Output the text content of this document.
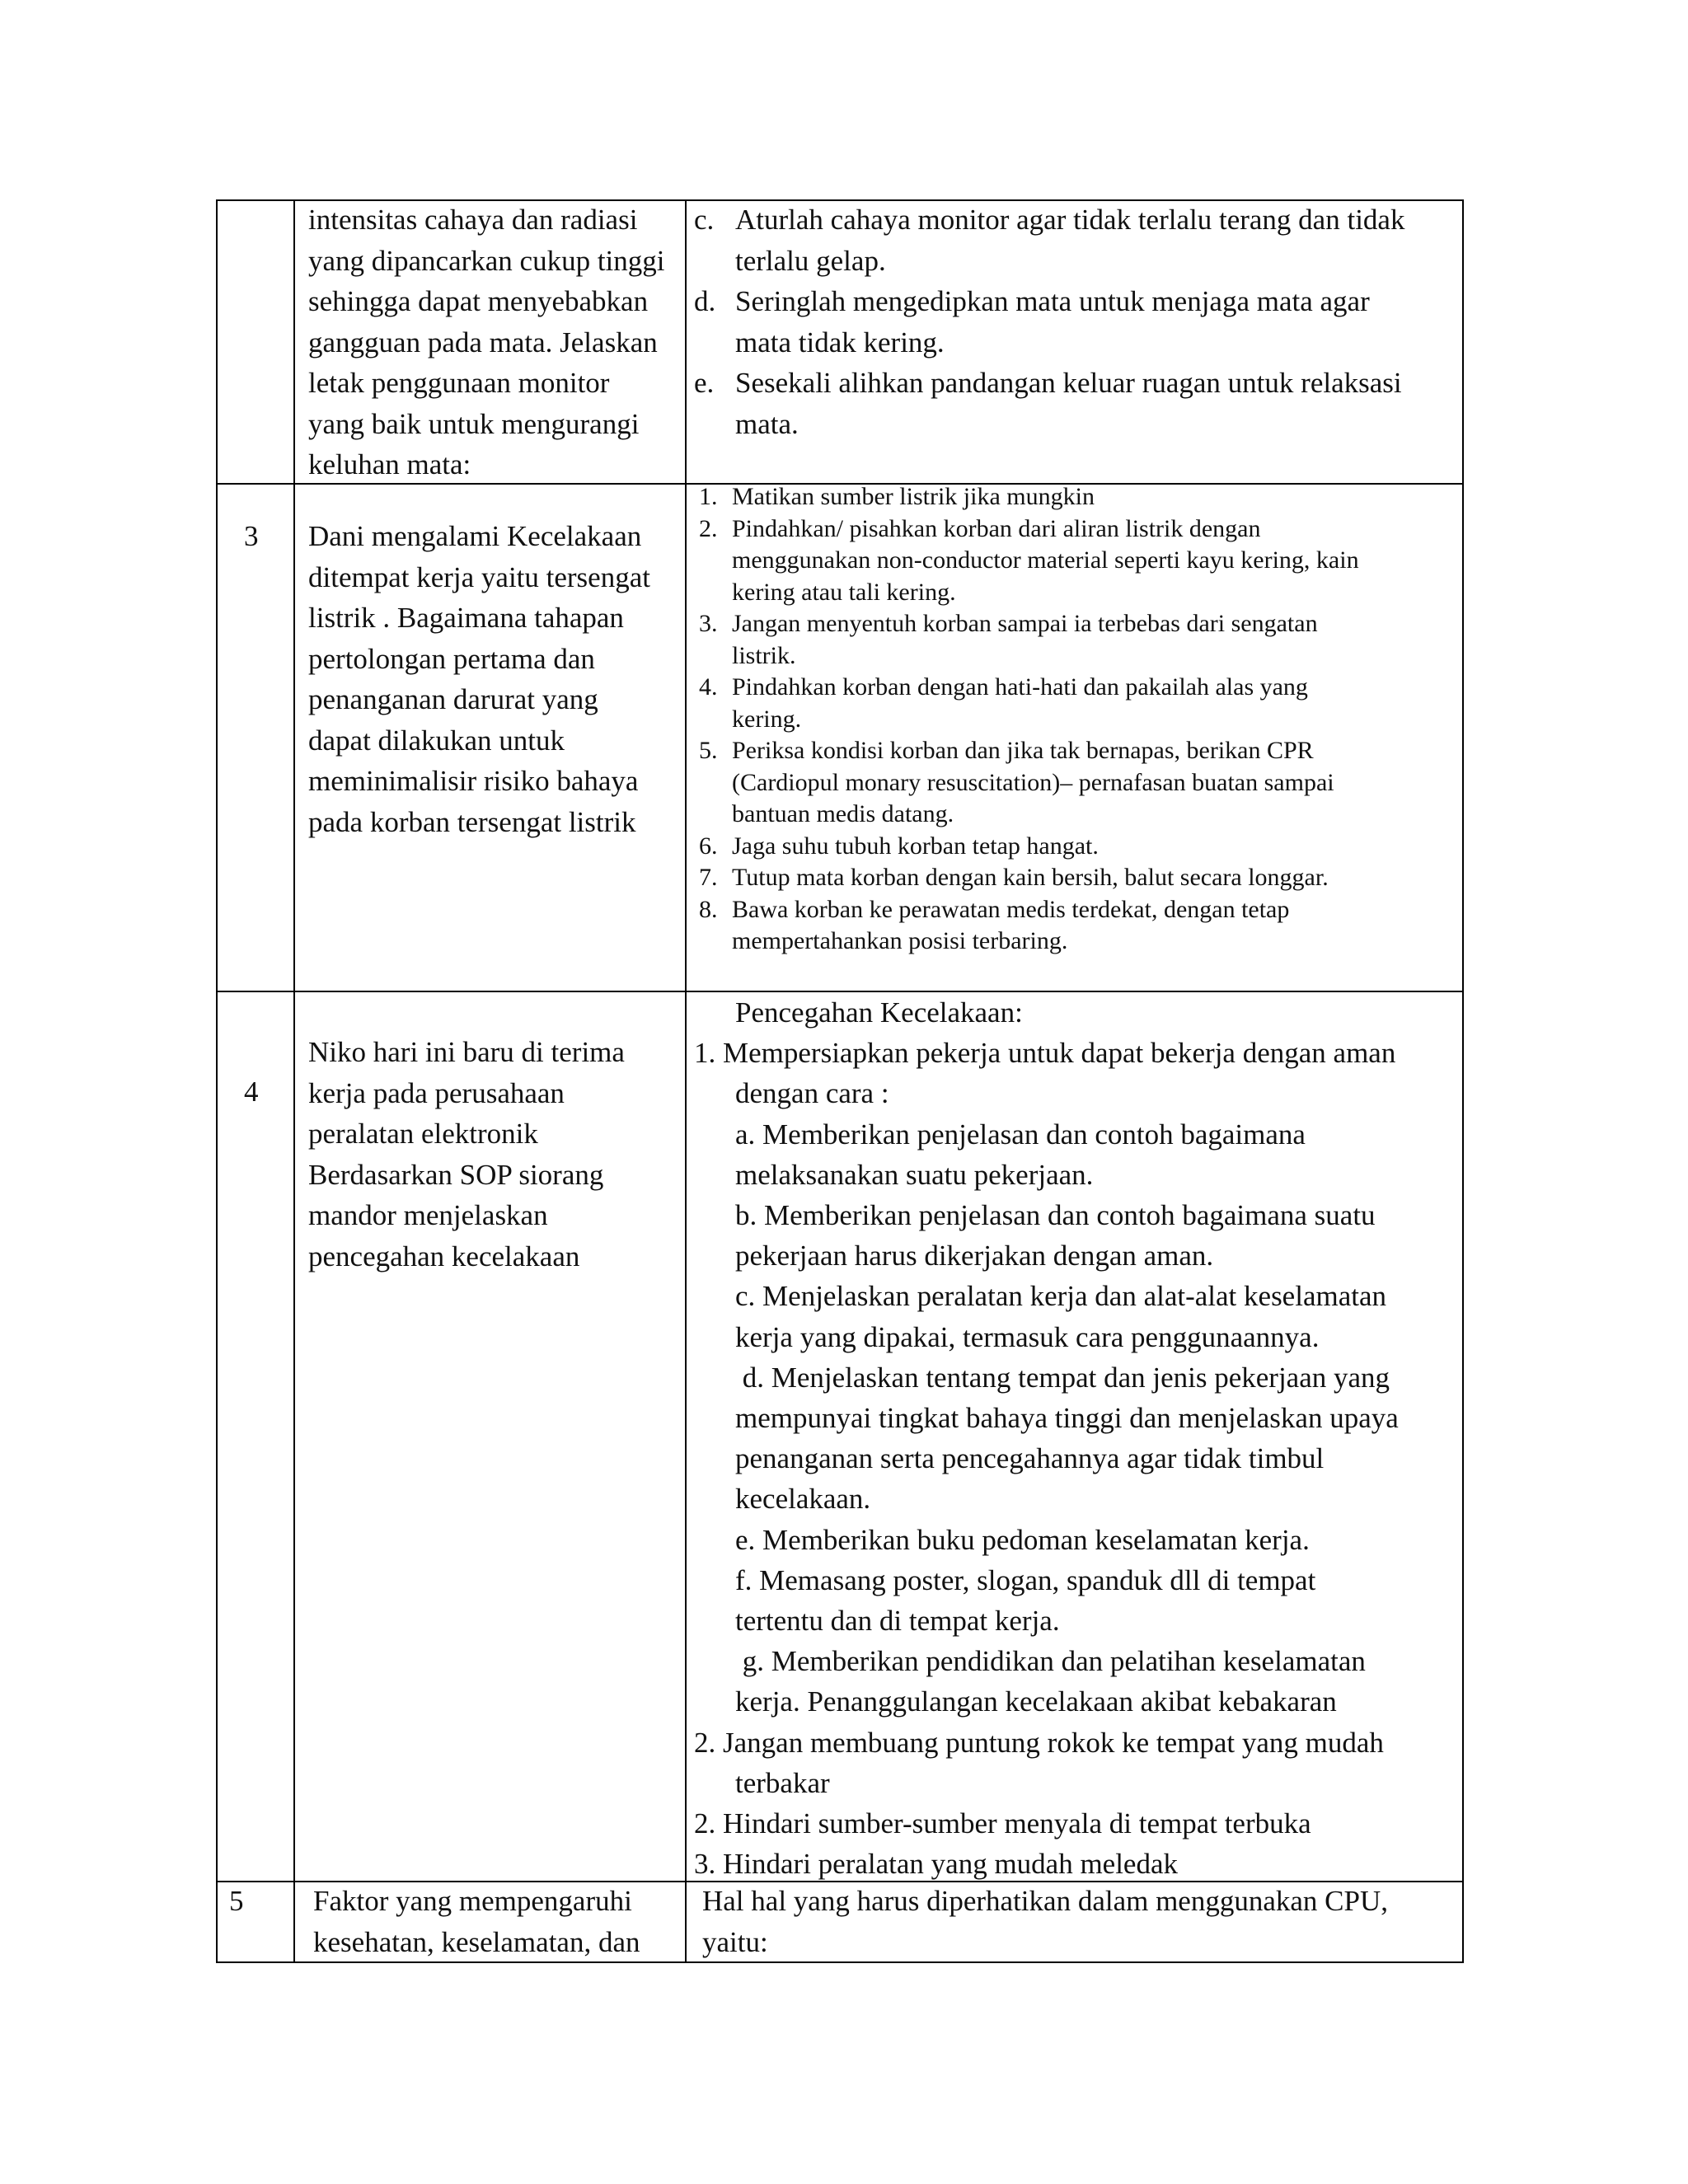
intensitas cahaya dan radiasi
yang dipancarkan cukup tinggi
sehingga dapat menyebabkan
gangguan pada mata. Jelaskan
letak penggunaan monitor
yang baik untuk mengurangi
keluhan mata:
c. Aturlah cahaya monitor agar tidak terlalu terang dan tidak
terlalu gelap.
d. Seringlah mengedipkan mata untuk menjaga mata agar
mata tidak kering.
e. Sesekali alihkan pandangan keluar ruagan untuk relaksasi
mata.
3 Dani mengalami Kecelakaan
ditempat kerja yaitu tersengat
listrik . Bagaimana tahapan
pertolongan pertama dan
penanganan darurat yang
dapat dilakukan untuk
meminimalisir risiko bahaya
pada korban tersengat listrik
1. Matikan sumber listrik jika mungkin
2. Pindahkan/ pisahkan korban dari aliran listrik dengan
menggunakan non-conductor material seperti kayu kering, kain
kering atau tali kering.
3. Jangan menyentuh korban sampai ia terbebas dari sengatan
listrik.
4. Pindahkan korban dengan hati-hati dan pakailah alas yang
kering.
5. Periksa kondisi korban dan jika tak bernapas, berikan CPR
(Cardiopul monary resuscitation)– pernafasan buatan sampai
bantuan medis datang.
6. Jaga suhu tubuh korban tetap hangat.
7. Tutup mata korban dengan kain bersih, balut secara longgar.
8. Bawa korban ke perawatan medis terdekat, dengan tetap
mempertahankan posisi terbaring.
4
Niko hari ini baru di terima
kerja pada perusahaan
peralatan elektronik
Berdasarkan SOP siorang
mandor menjelaskan
pencegahan kecelakaan
Pencegahan Kecelakaan:
1. Mempersiapkan pekerja untuk dapat bekerja dengan aman
dengan cara :
a. Memberikan penjelasan dan contoh bagaimana
melaksanakan suatu pekerjaan.
b. Memberikan penjelasan dan contoh bagaimana suatu
pekerjaan harus dikerjakan dengan aman.
c. Menjelaskan peralatan kerja dan alat-alat keselamatan
kerja yang dipakai, termasuk cara penggunaannya.
d. Menjelaskan tentang tempat dan jenis pekerjaan yang
mempunyai tingkat bahaya tinggi dan menjelaskan upaya
penanganan serta pencegahannya agar tidak timbul
kecelakaan.
e. Memberikan buku pedoman keselamatan kerja.
f. Memasang poster, slogan, spanduk dll di tempat
tertentu dan di tempat kerja.
g. Memberikan pendidikan dan pelatihan keselamatan
kerja. Penanggulangan kecelakaan akibat kebakaran
2. Jangan membuang puntung rokok ke tempat yang mudah
terbakar
2. Hindari sumber-sumber menyala di tempat terbuka
3. Hindari peralatan yang mudah meledak
5 Faktor yang mempengaruhi
kesehatan, keselamatan, dan
Hal hal yang harus diperhatikan dalam menggunakan CPU,
yaitu:
